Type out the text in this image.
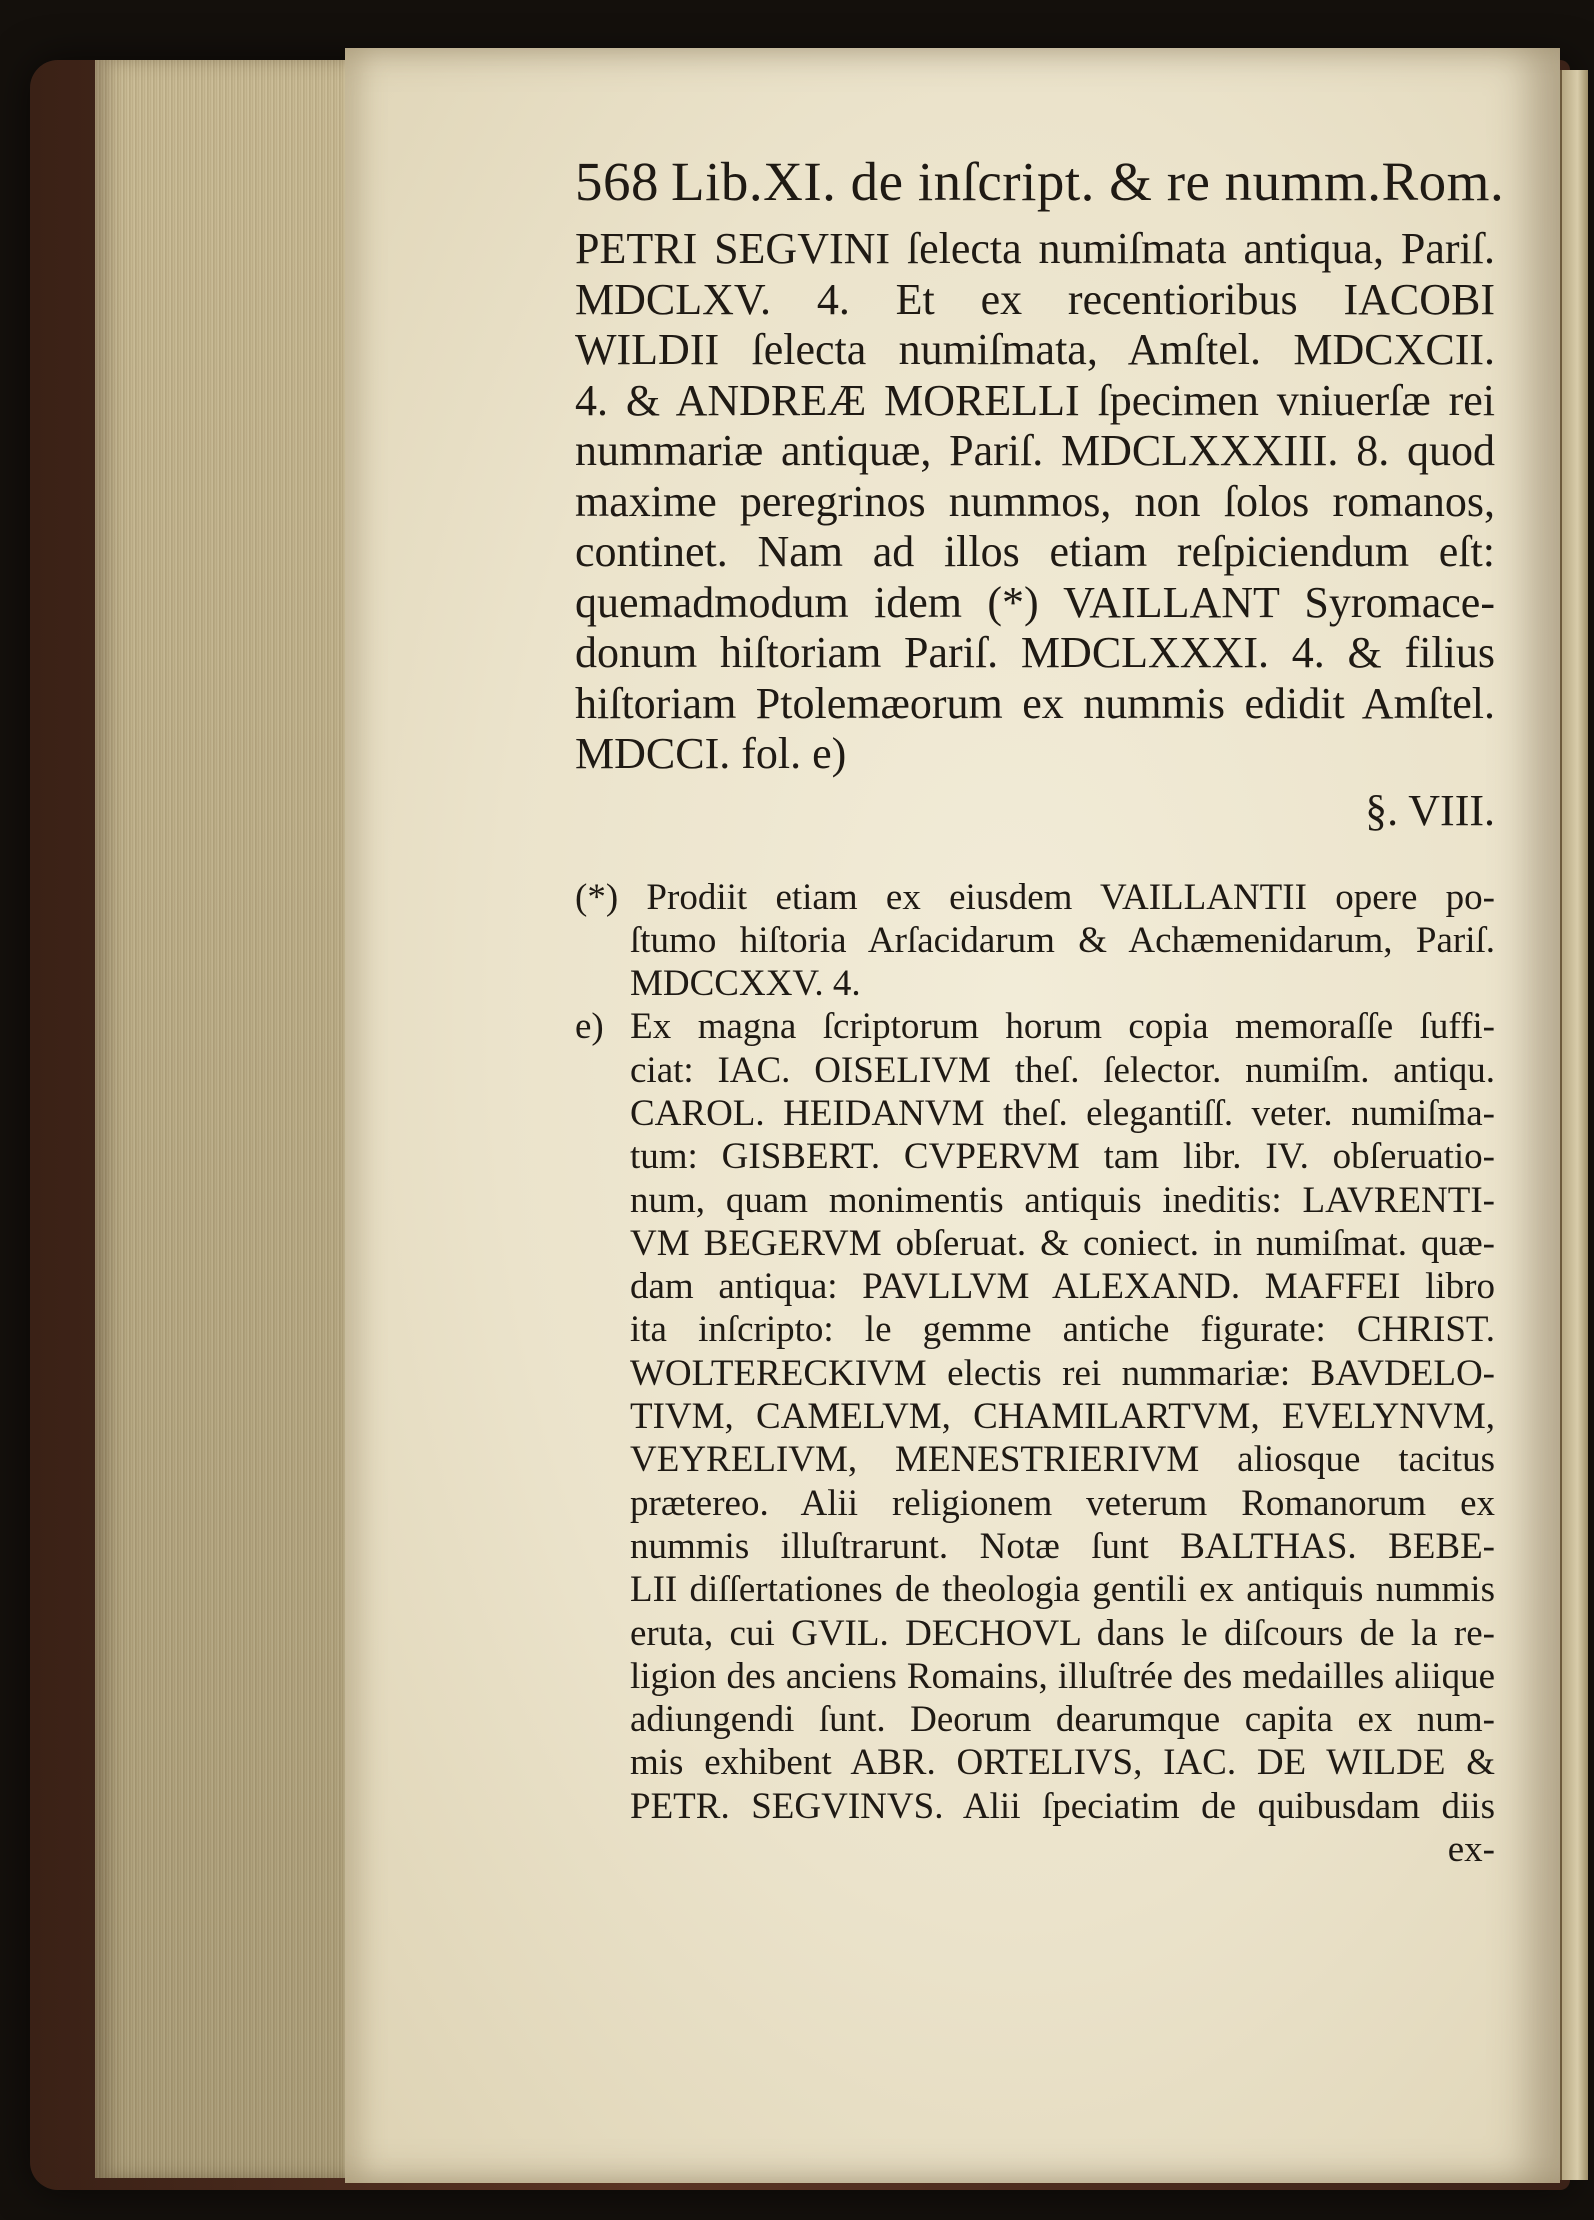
568 Lib.XI. de inſcript. & re numm.Rom.
PETRI SEGVINI ſelecta numiſmata antiqua, Pariſ.
MDCLXV. 4. Et ex recentioribus IACOBI
WILDII ſelecta numiſmata, Amſtel. MDCXCII.
4. & ANDREÆ MORELLI ſpecimen vniuerſæ rei
nummariæ antiquæ, Pariſ. MDCLXXXIII. 8. quod
maxime peregrinos nummos, non ſolos romanos,
continet. Nam ad illos etiam reſpiciendum eſt:
quemadmodum idem (*) VAILLANT Syromace-
donum hiſtoriam Pariſ. MDCLXXXI. 4. & filius
hiſtoriam Ptolemæorum ex nummis edidit Amſtel.
MDCCI. fol. e)
§. VIII.
(*) Prodiit etiam ex eiusdem VAILLANTII opere po-
ſtumo hiſtoria Arſacidarum & Achæmenidarum, Pariſ.
MDCCXXV. 4.
e) Ex magna ſcriptorum horum copia memoraſſe ſuffi-
ciat: IAC. OISELIVM theſ. ſelector. numiſm. antiqu.
CAROL. HEIDANVM theſ. elegantiſſ. veter. numiſma-
tum: GISBERT. CVPERVM tam libr. IV. obſeruatio-
num, quam monimentis antiquis ineditis: LAVRENTI-
VM BEGERVM obſeruat. & coniect. in numiſmat. quæ-
dam antiqua: PAVLLVM ALEXAND. MAFFEI libro
ita inſcripto: le gemme antiche figurate: CHRIST.
WOLTERECKIVM electis rei nummariæ: BAVDELO-
TIVM, CAMELVM, CHAMILARTVM, EVELYNVM,
VEYRELIVM, MENESTRIERIVM aliosque tacitus
prætereo. Alii religionem veterum Romanorum ex
nummis illuſtrarunt. Notæ ſunt BALTHAS. BEBE-
LII diſſertationes de theologia gentili ex antiquis nummis
eruta, cui GVIL. DECHOVL dans le diſcours de la re-
ligion des anciens Romains, illuſtrée des medailles aliique
adiungendi ſunt. Deorum dearumque capita ex num-
mis exhibent ABR. ORTELIVS, IAC. DE WILDE &
PETR. SEGVINVS. Alii ſpeciatim de quibusdam diis
ex-
